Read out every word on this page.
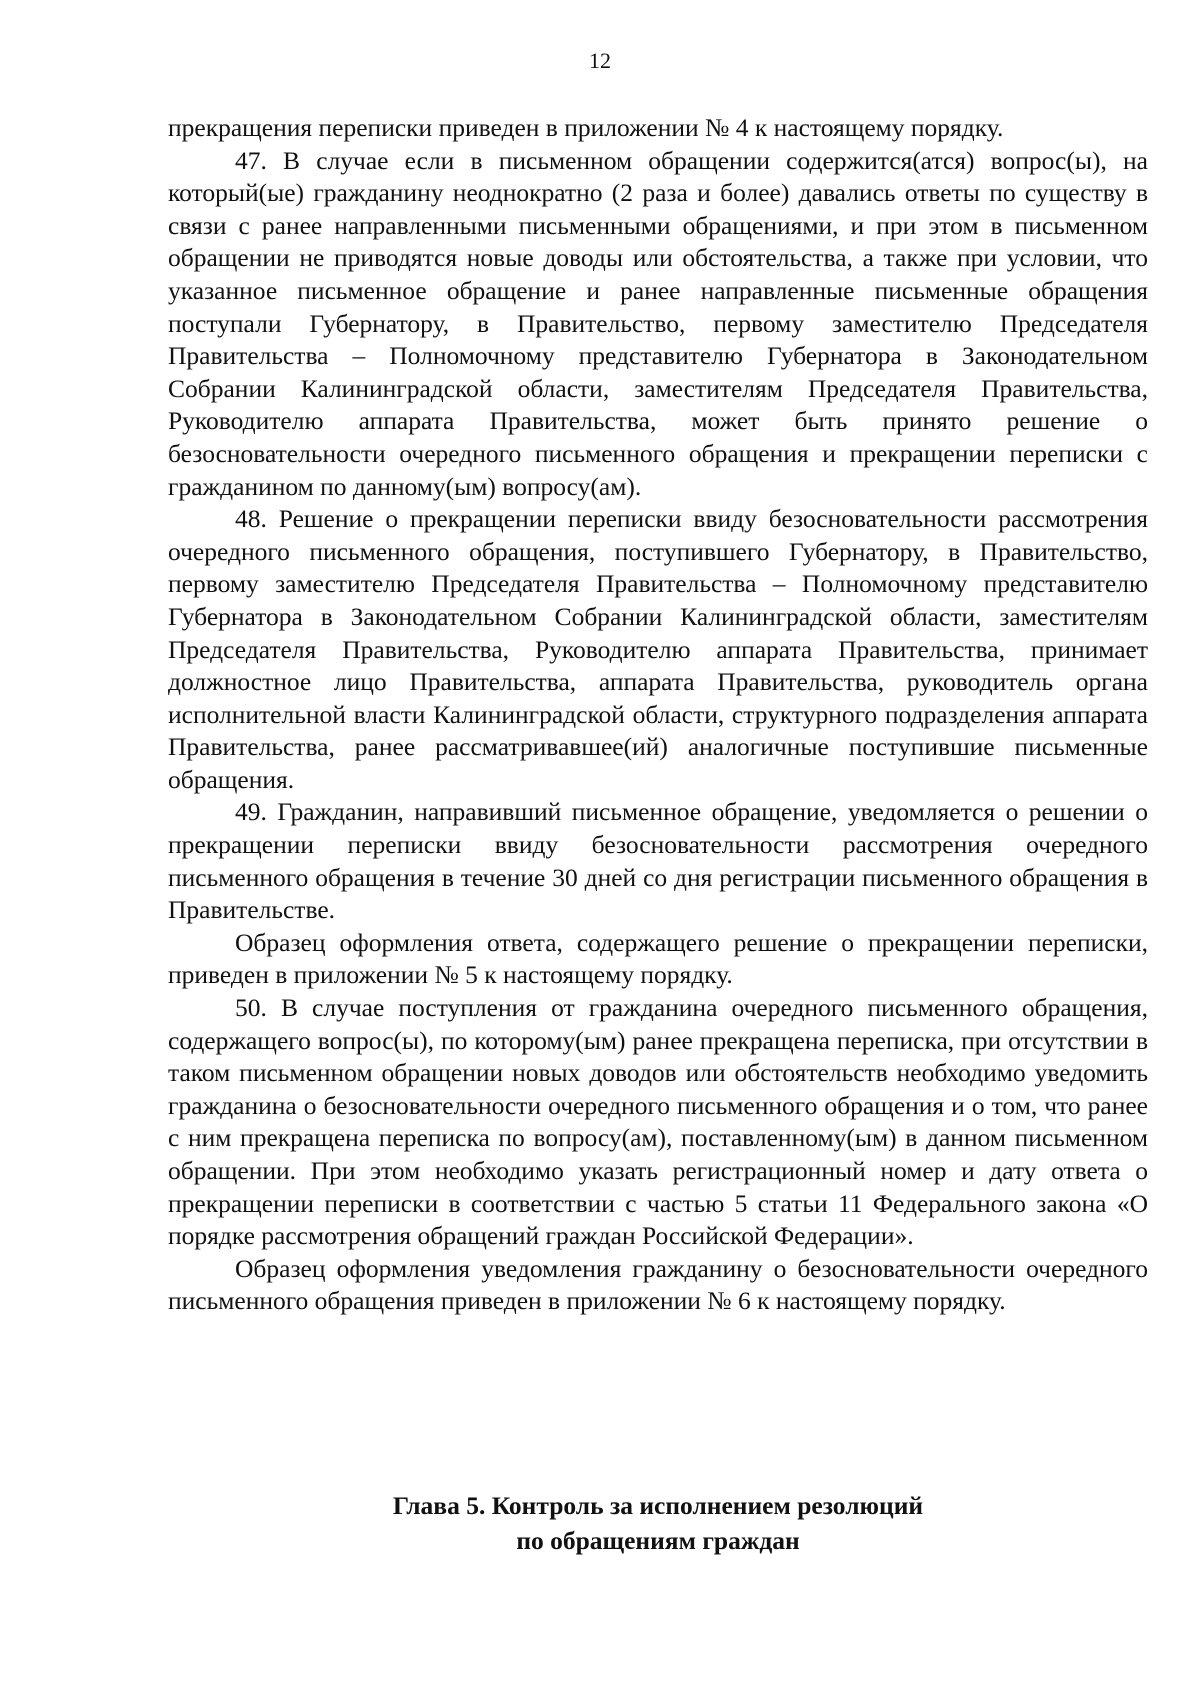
12

прекращения переписки приведен в приложении № 4 к настоящему порядку.

47. В случае если в письменном обращении содержится(атся) вопрос(ы), на который(ые) гражданину неоднократно (2 раза и более) давались ответы по существу в связи с ранее направленными письменными обращениями, и при этом в письменном обращении не приводятся новые доводы или обстоятельства, а также при условии, что указанное письменное обращение и ранее направленные письменные обращения поступали Губернатору, в Правительство, первому заместителю Председателя Правительства – Полномочному представителю Губернатора в Законодательном Собрании Калининградской области, заместителям Председателя Правительства, Руководителю аппарата Правительства, может быть принято решение о безосновательности очередного письменного обращения и прекращении переписки с гражданином по данному(ым) вопросу(ам).

48. Решение о прекращении переписки ввиду безосновательности рассмотрения очередного письменного обращения, поступившего Губернатору, в Правительство, первому заместителю Председателя Правительства – Полномочному представителю Губернатора в Законодательном Собрании Калининградской области, заместителям Председателя Правительства, Руководителю аппарата Правительства, принимает должностное лицо Правительства, аппарата Правительства, руководитель органа исполнительной власти Калининградской области, структурного подразделения аппарата Правительства, ранее рассматривавшее(ий) аналогичные поступившие письменные обращения.

49. Гражданин, направивший письменное обращение, уведомляется о решении о прекращении переписки ввиду безосновательности рассмотрения очередного письменного обращения в течение 30 дней со дня регистрации письменного обращения в Правительстве.

Образец оформления ответа, содержащего решение о прекращении переписки, приведен в приложении № 5 к настоящему порядку.

50. В случае поступления от гражданина очередного письменного обращения, содержащего вопрос(ы), по которому(ым) ранее прекращена переписка, при отсутствии в таком письменном обращении новых доводов или обстоятельств необходимо уведомить гражданина о безосновательности очередного письменного обращения и о том, что ранее с ним прекращена переписка по вопросу(ам), поставленному(ым) в данном письменном обращении. При этом необходимо указать регистрационный номер и дату ответа о прекращении переписки в соответствии с частью 5 статьи 11 Федерального закона «О порядке рассмотрения обращений граждан Российской Федерации».

Образец оформления уведомления гражданину о безосновательности очередного письменного обращения приведен в приложении № 6 к настоящему порядку.

Глава 5. Контроль за исполнением резолюций
по обращениям граждан
